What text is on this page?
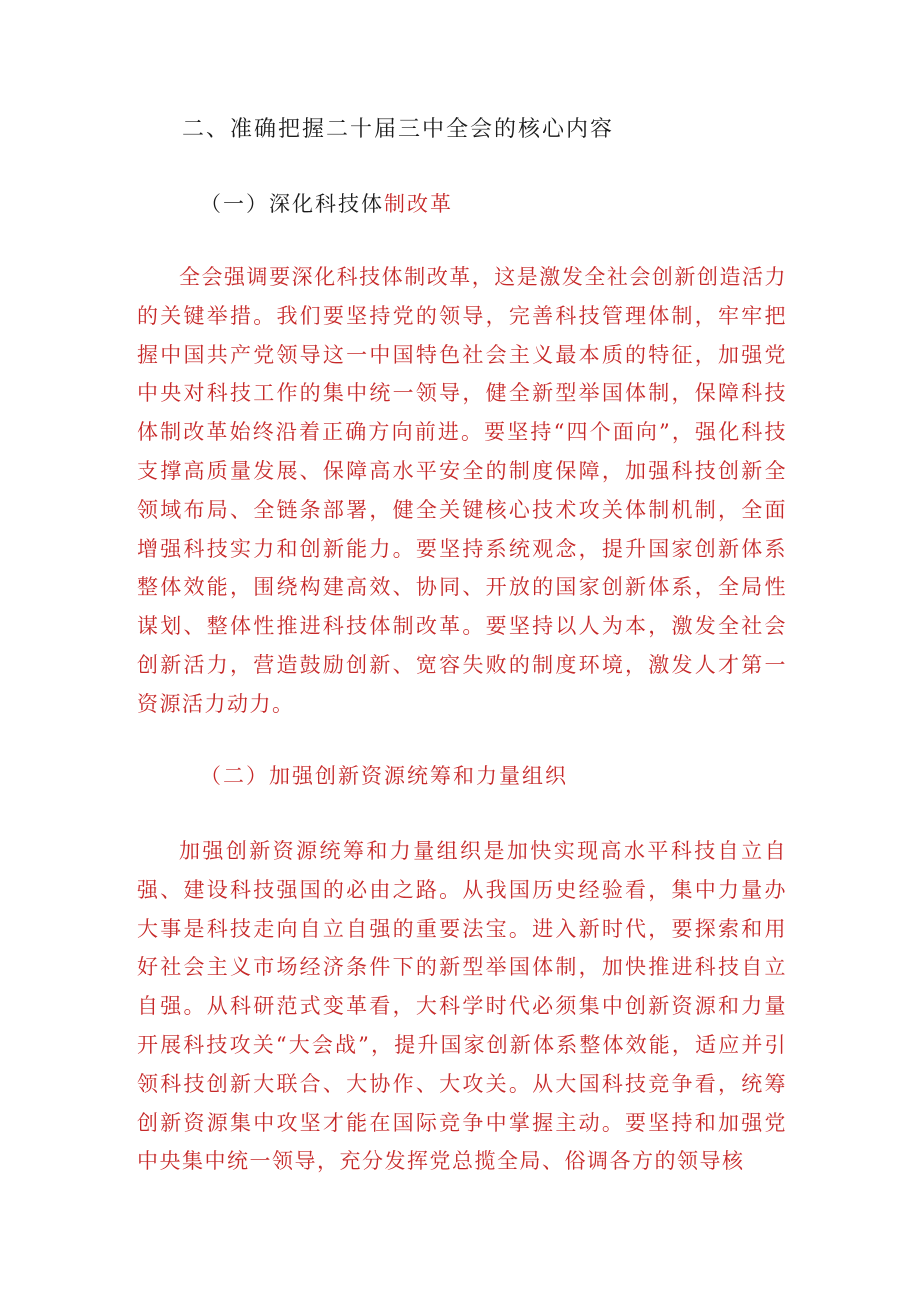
二、准确把握二十届三中全会的核心内容
（一）深化科技体制改革

全会强调要深化科技体制改革，这是激发全社会创新创造活力的关键举措。我们要坚持党的领导，完善科技管理体制，牢牢把握中国共产党领导这一中国特色社会主义最本质的特征，加强党中央对科技工作的集中统一领导，健全新型举国体制，保障科技体制改革始终沿着正确方向前进。要坚持“四个面向”，强化科技支撑高质量发展、保障高水平安全的制度保障，加强科技创新全领域布局、全链条部署，健全关键核心技术攻关体制机制，全面增强科技实力和创新能力。要坚持系统观念，提升国家创新体系整体效能，围绕构建高效、协同、开放的国家创新体系，全局性谋划、整体性推进科技体制改革。要坚持以人为本，激发全社会创新活力，营造鼓励创新、宽容失败的制度环境，激发人才第一资源活力动力。

（二）加强创新资源统筹和力量组织

加强创新资源统筹和力量组织是加快实现高水平科技自立自强、建设科技强国的必由之路。从我国历史经验看，集中力量办大事是科技走向自立自强的重要法宝。进入新时代，要探索和用好社会主义市场经济条件下的新型举国体制，加快推进科技自立自强。从科研范式变革看，大科学时代必须集中创新资源和力量开展科技攻关“大会战”，提升国家创新体系整体效能，适应并引领科技创新大联合、大协作、大攻关。从大国科技竞争看，统筹创新资源集中攻坚才能在国际竞争中掌握主动。要坚持和加强党中央集中统一领导，充分发挥党总揽全局、俗调各方的领导核
